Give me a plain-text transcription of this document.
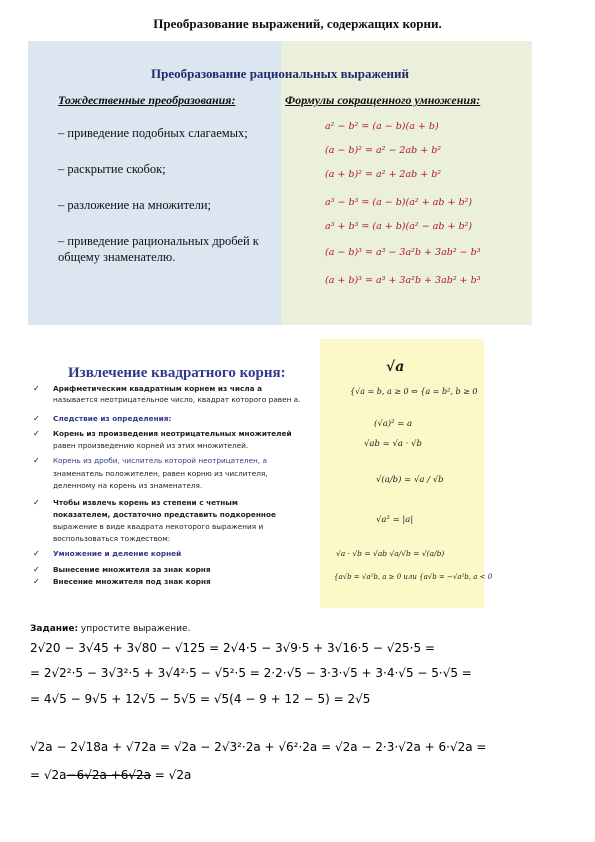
Преобразование выражений, содержащих корни.
Преобразование рациональных выражений
Тождественные преобразования:	Формулы сокращенного умножения:
– приведение подобных слагаемых;
– раскрытие скобок;
– разложение на множители;
– приведение рациональных дробей к общему знаменателю.
a² − b² = (a − b)(a + b)
(a − b)² = a² − 2ab + b²
(a + b)² = a² + 2ab + b²
a³ − b³ = (a − b)(a² + ab + b²)
a³ + b³ = (a + b)(a² − ab + b²)
(a − b)³ = a³ − 3a²b + 3ab² − b³
(a + b)³ = a³ + 3a²b + 3ab² + b³
Извлечение квадратного корня:	√a
{√a = b, a ≥ 0 ⇔ {a = b², b ≥ 0
(√a)² = a
√ab = √a · √b
√(a/b) = √a / √b
√a² = |a|
√a · √b = √ab √a/√b = √(a/b)
{a√b = √a²b, a ≥ 0 или {a√b = −√a²b, a < 0
✓ Арифметическим квадратным корнем из числа a
называется неотрицательное число, квадрат которого равен a.
✓ Следствие из определения:
✓ Корень из произведения неотрицательных множителей
равен произведению корней из этих множителей.
✓ Корень из дроби, числитель которой неотрицателен, а
знаменатель положителен, равен корню из числителя,
деленному на корень из знаменателя.
✓ Чтобы извлечь корень из степени с четным
показателем, достаточно представить подкоренное
выражение в виде квадрата некоторого выражения и
воспользоваться тождеством:
✓ Умножение и деление корней
✓ Вынесение множителя за знак корня
✓ Внесение множителя под знак корня
Задание: упростите выражение.
2√20 − 3√45 + 3√80 − √125 = 2√4·5 − 3√9·5 + 3√16·5 − √25·5 =
= 2√2²·5 − 3√3²·5 + 3√4²·5 − √5²·5 = 2·2·√5 − 3·3·√5 + 3·4·√5 − 5·√5 =
= 4√5 − 9√5 + 12√5 − 5√5 = √5(4 − 9 + 12 − 5) = 2√5
√2a − 2√18a + √72a = √2a − 2√3²·2a + √6²·2a = √2a − 2·3·√2a + 6·√2a =
= √2a−6√2a +6√2a = √2a
